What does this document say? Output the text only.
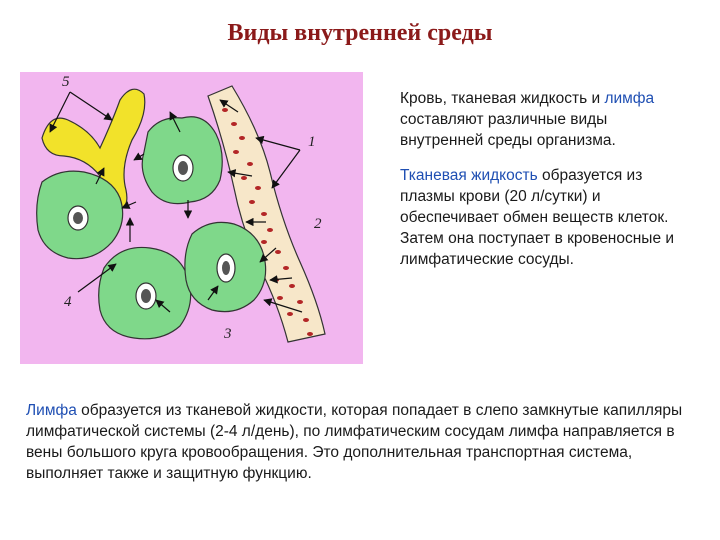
Виды внутренней среды
5
1
2
4
3

Кровь, тканевая жидкость и лимфа составляют различные виды внутренней среды организма.

Тканевая жидкость образуется из плазмы крови (20 л/сутки) и обеспечивает обмен веществ клеток. Затем она поступает в кровеносные и лимфатические сосуды.

Лимфа образуется из тканевой жидкости, которая попадает в слепо замкнутые капилляры лимфатической системы (2-4 л/день), по лимфатическим сосудам лимфа направляется в вены большого круга кровообращения. Это дополнительная транспортная система, выполняет также и защитную функцию.
